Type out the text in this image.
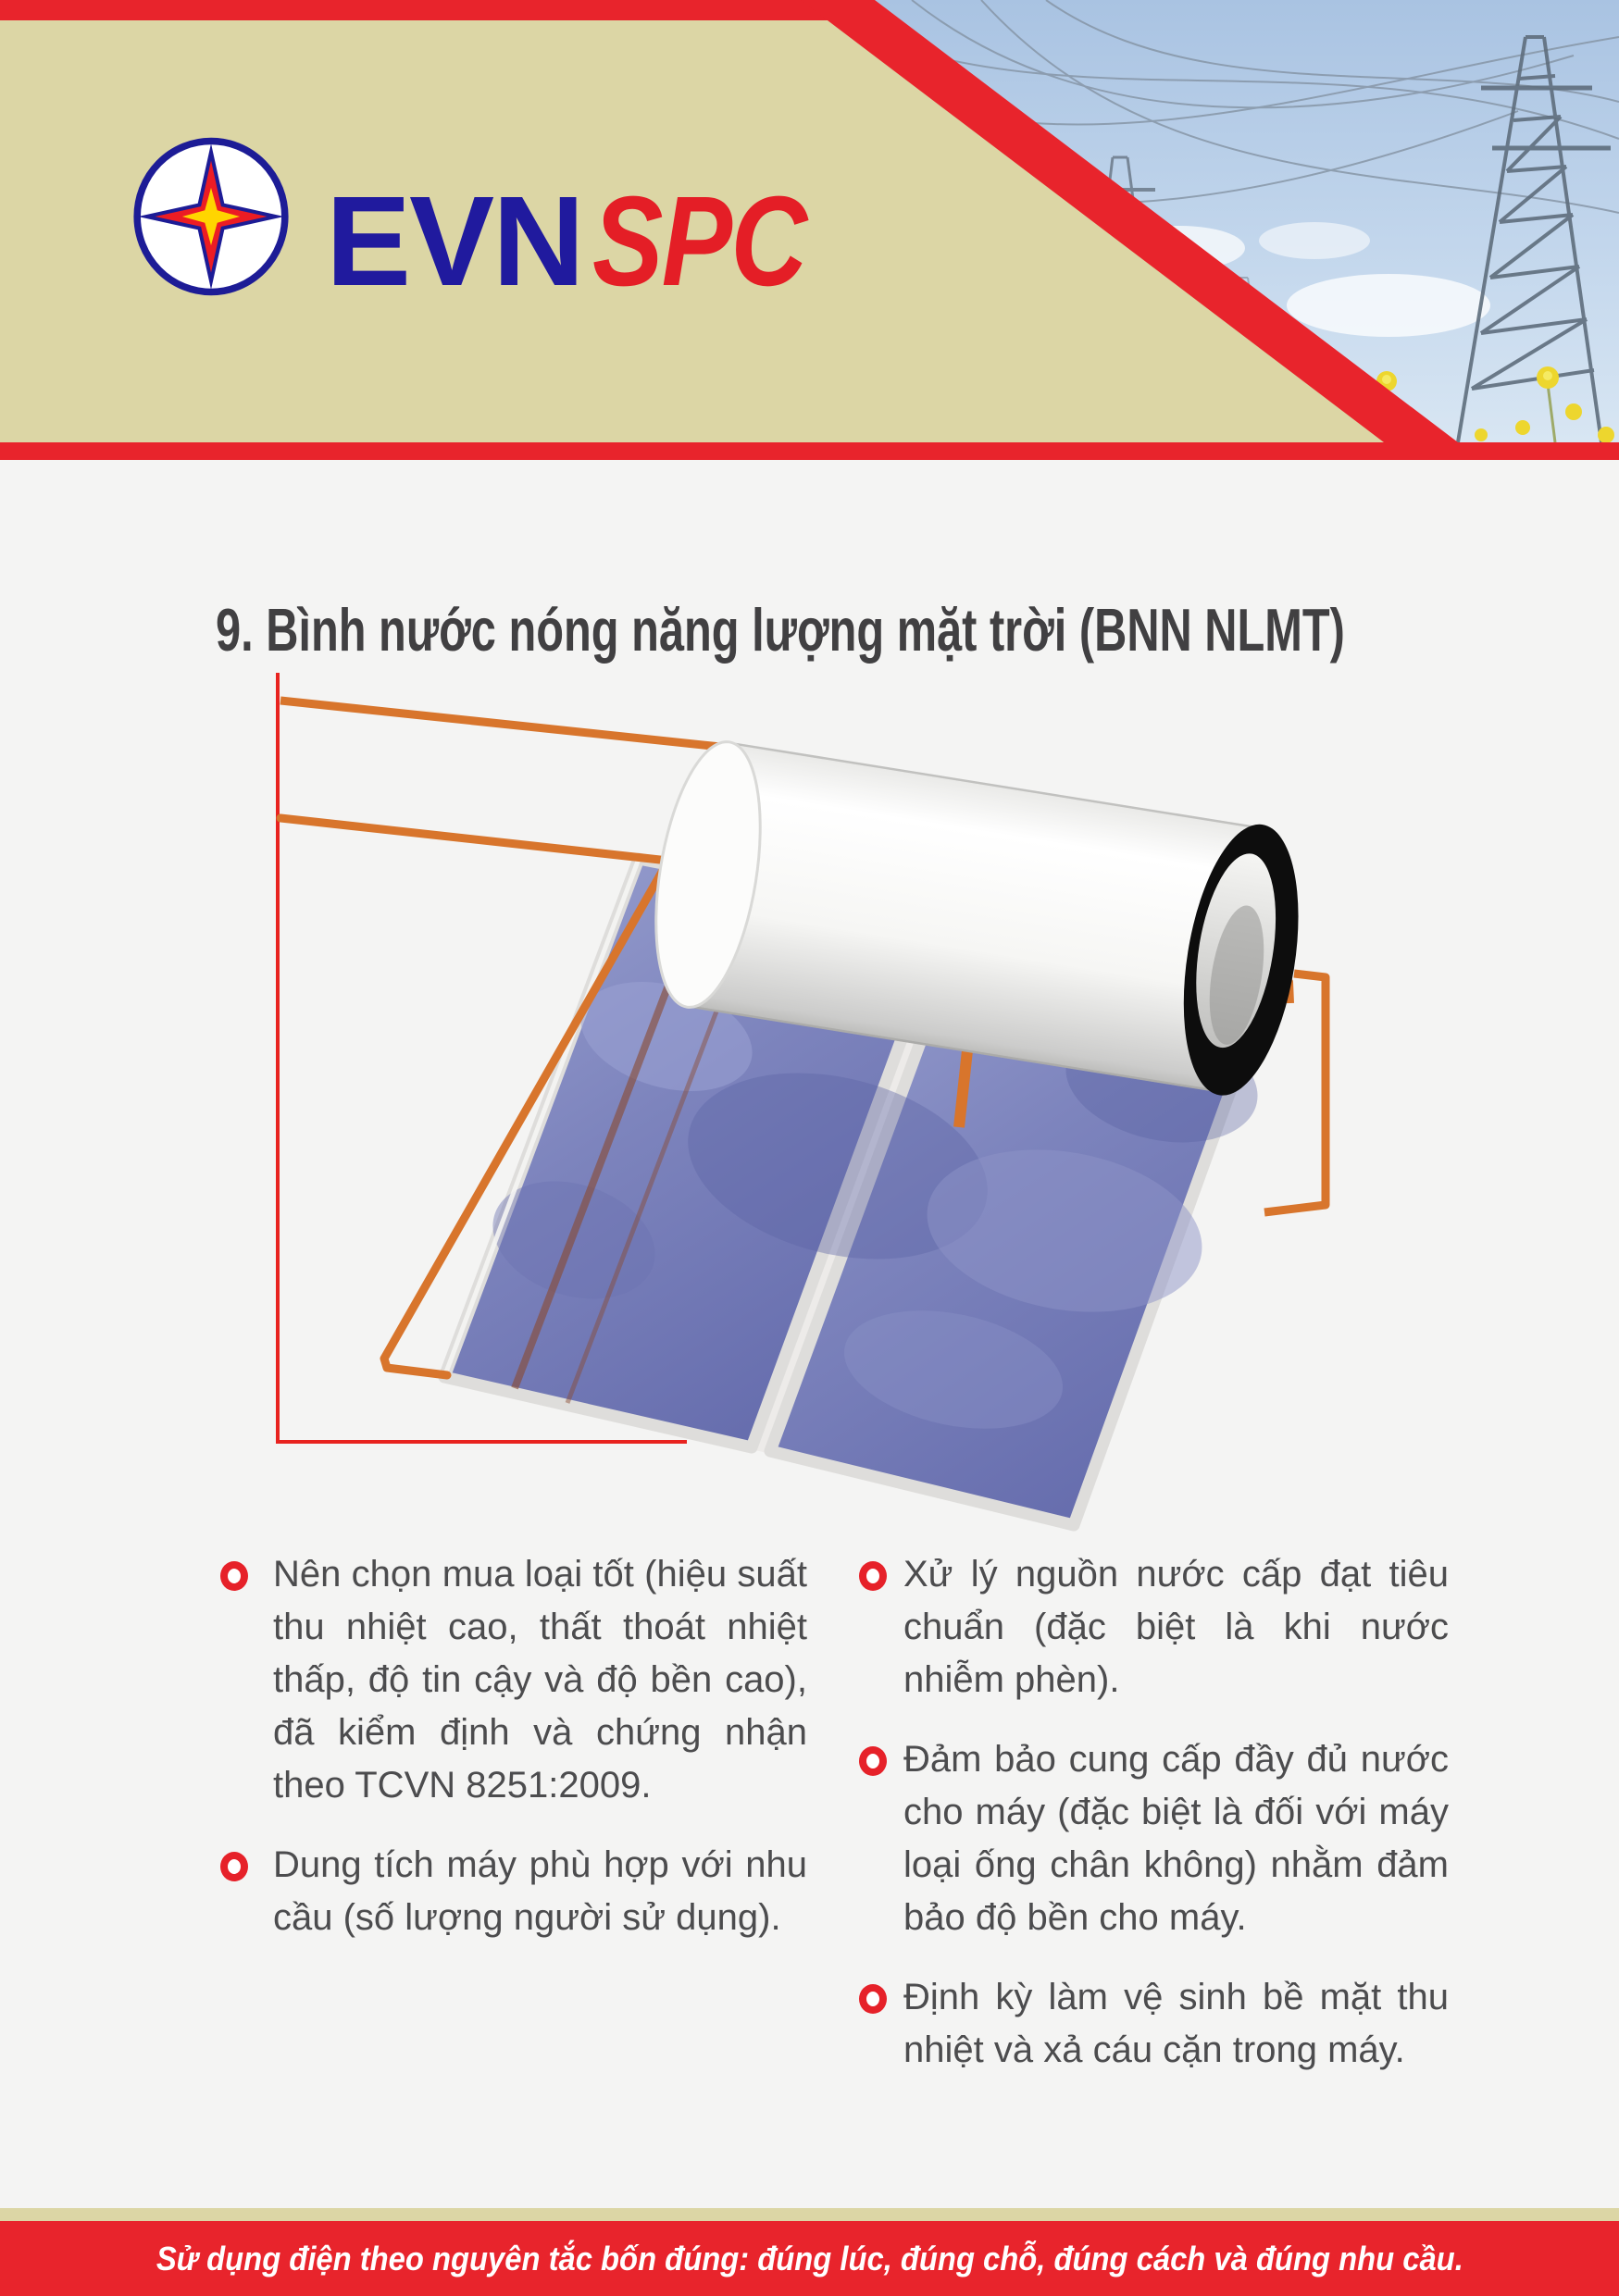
EVN SPC
9. Bình nước nóng năng lượng mặt trời (BNN NLMT)
Nên chọn mua loại tốt (hiệu suất thu nhiệt cao, thất thoát nhiệt thấp, độ tin cậy và độ bền cao), đã kiểm định và chứng nhận theo TCVN 8251:2009.
Dung tích máy phù hợp với nhu cầu (số lượng người sử dụng).
Xử lý nguồn nước cấp đạt tiêu chuẩn (đặc biệt là khi nước nhiễm phèn).
Đảm bảo cung cấp đầy đủ nước cho máy (đặc biệt là đối với máy loại ống chân không) nhằm đảm bảo độ bền cho máy.
Định kỳ làm vệ sinh bề mặt thu nhiệt và xả cáu cặn trong máy.
Sử dụng điện theo nguyên tắc bốn đúng: đúng lúc, đúng chỗ, đúng cách và đúng nhu cầu.
